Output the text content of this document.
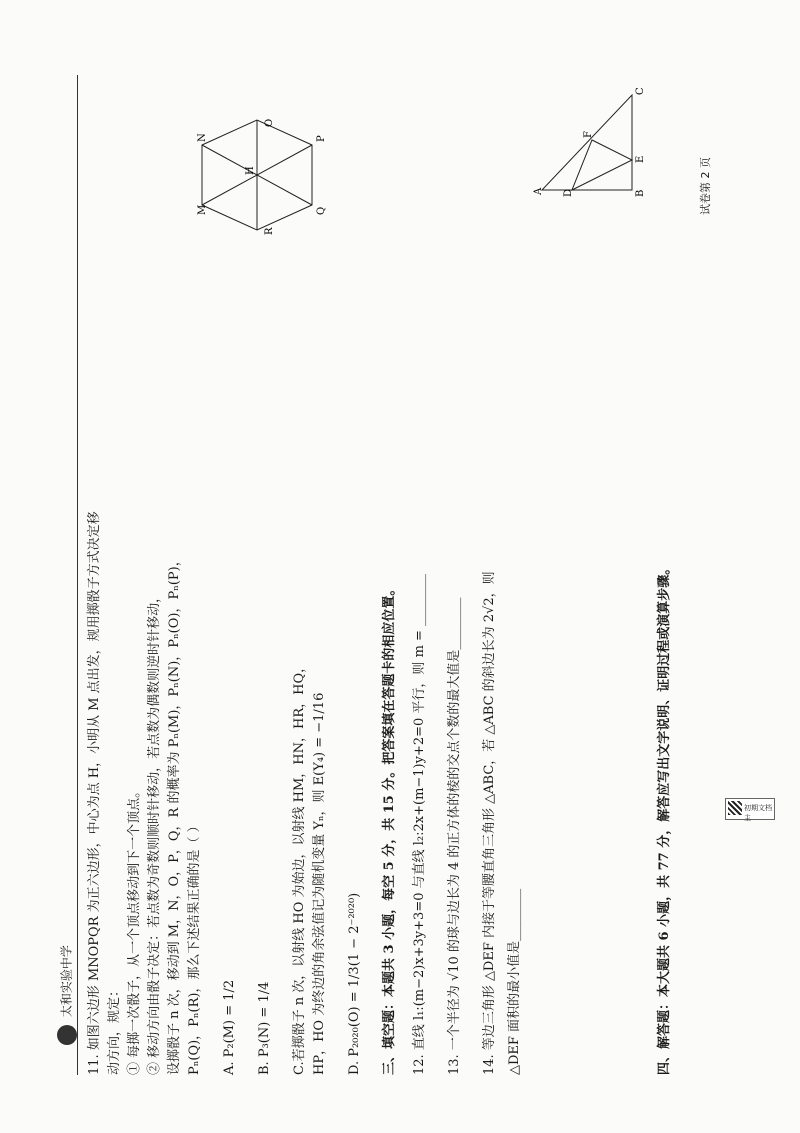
太和实验中学 11. 如图六边形 MNOPQR 为正六边形，中心为点 H，小明从 M 点出发，规用掷骰子方式决定移 动方向，规定： ① 每掷一次骰子，从一个顶点移动到下一个顶点。 ② 移动方向由骰子决定：若点数为奇数则顺时针移动，若点数为偶数则逆时针移动， 设掷骰子 n 次，移动到 M，N，O，P，Q，R 的概率为 Pₙ(M)，Pₙ(N)，Pₙ(O)，Pₙ(P)， Pₙ(Q)，Pₙ(R)，那么下述结果正确的是（ ） A. P₂(M) = 1/2 B. P₃(N) = 1/4 C.若掷骰子 n 次，以射线 HO 为始边，以射线 HM，HN，HR，HQ， HP，HO 为终边的角余弦值记为随机变量 Yₙ，则 E(Y₄) = −1/16 D. P₂₀₂₀(O) = 1/3(1 − 2⁻²⁰²⁰) 三、填空题：本题共 3 小题，每空 5 分，共 15 分。把答案填在答题卡的相应位置。 12. 直线 l₁:(m−2)x+3y+3=0 与直线 l₂:2x+(m−1)y+2=0 平行，则 m = ________ 13. 一个半径为 √10 的球与边长为 4 的正方体的棱的交点个数的最大值是________ 14. 等边三角形 △DEF 内接于等腰直角三角形 △ABC，若 △ABC 的斜边长为 2√2，则 △DEF 面积的最小值是________	四、解答题：本大题共 6 小题，共 77 分，解答应写出文字说明、证明过程或演算步骤。
试卷第 2 页
M
N
O
P
Q
R
H
A	B
C
D
E
F
初期文档主
